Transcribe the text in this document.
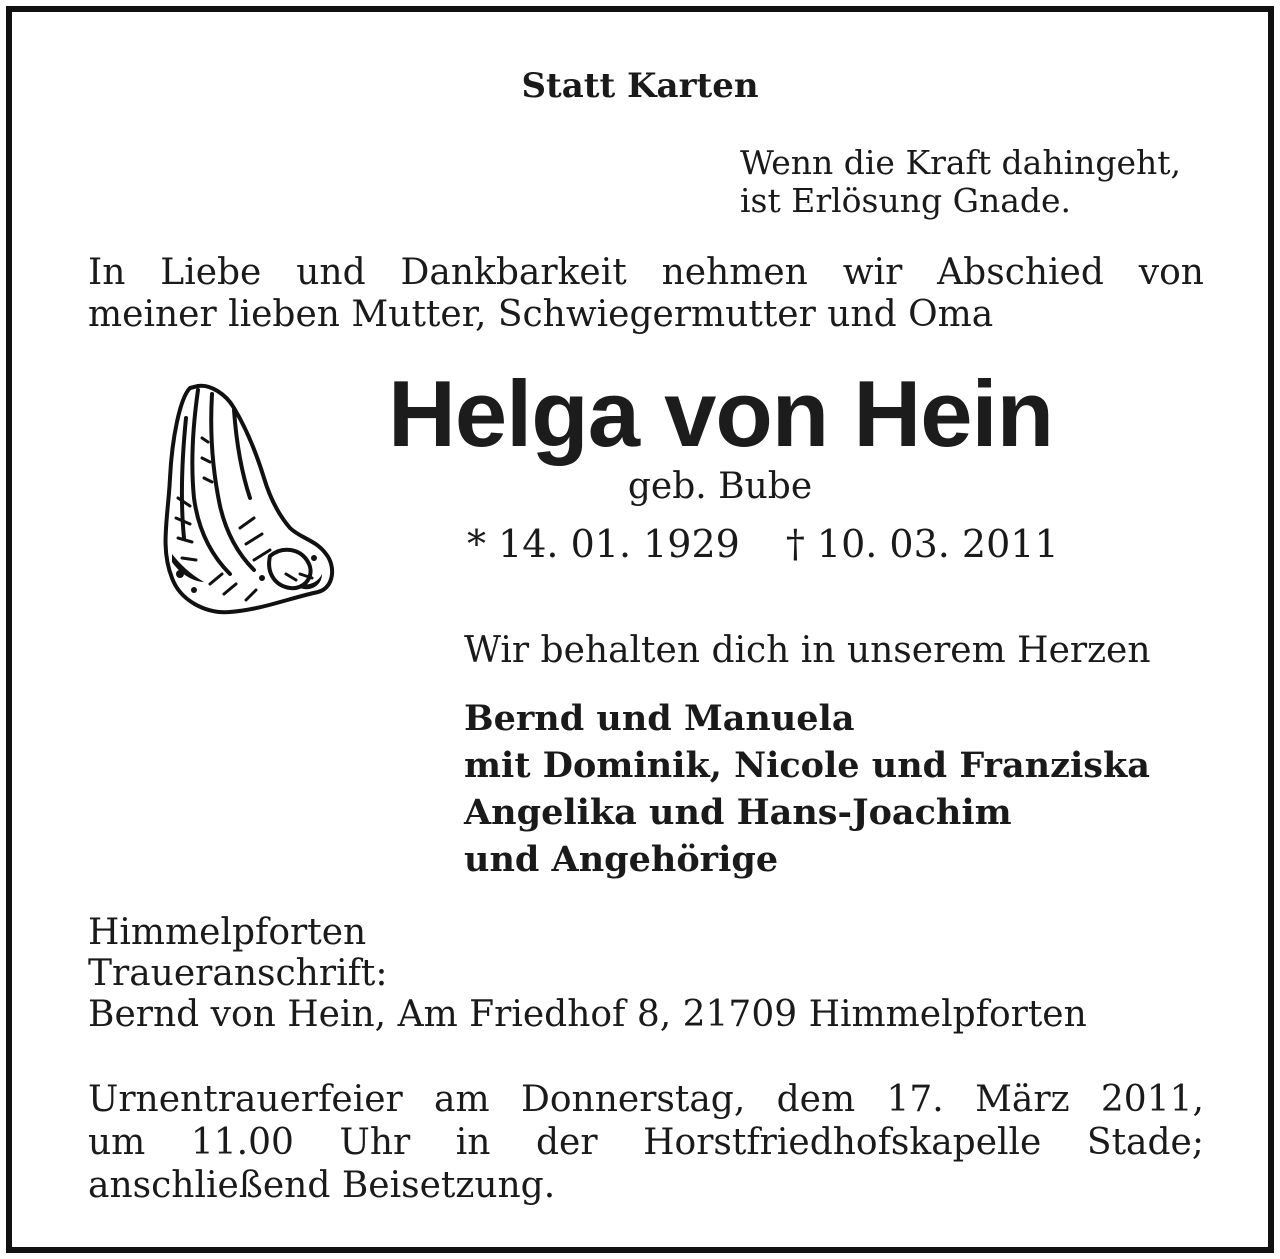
Statt Karten
Wenn die Kraft dahingeht,
ist Erlösung Gnade.
In Liebe und Dankbarkeit nehmen wir Abschied von
meiner lieben Mutter, Schwiegermutter und Oma
Helga von Hein
geb. Bube
* 14. 01. 1929 † 10. 03. 2011
Wir behalten dich in unserem Herzen
Bernd und Manuela
mit Dominik, Nicole und Franziska
Angelika und Hans-Joachim
und Angehörige
Himmelpforten
Traueranschrift:
Bernd von Hein, Am Friedhof 8, 21709 Himmelpforten
Urnentrauerfeier am Donnerstag, dem 17. März 2011,
um 11.00 Uhr in der Horstfriedhofskapelle Stade;
anschließend Beisetzung.
